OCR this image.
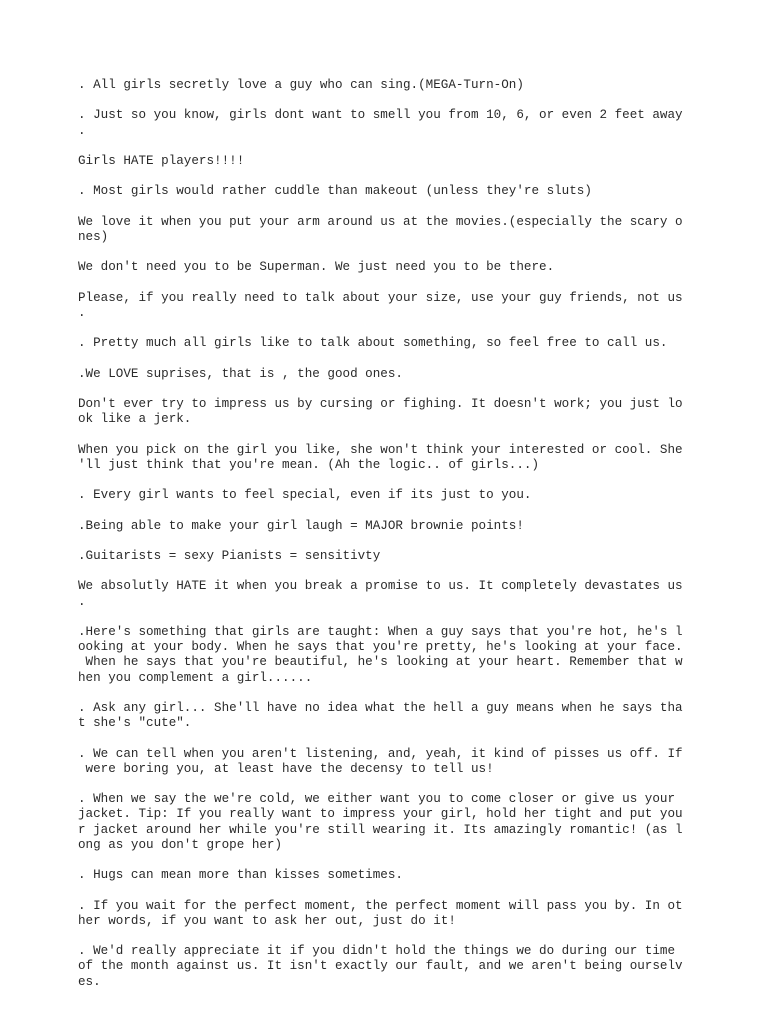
. All girls secretly love a guy who can sing.(MEGA-Turn-On)

. Just so you know, girls dont want to smell you from 10, 6, or even 2 feet away
.

Girls HATE players!!!!

. Most girls would rather cuddle than makeout (unless they're sluts)

We love it when you put your arm around us at the movies.(especially the scary o
nes)

We don't need you to be Superman. We just need you to be there.

Please, if you really need to talk about your size, use your guy friends, not us
.

. Pretty much all girls like to talk about something, so feel free to call us.

.We LOVE suprises, that is , the good ones.

Don't ever try to impress us by cursing or fighing. It doesn't work; you just lo
ok like a jerk.

When you pick on the girl you like, she won't think your interested or cool. She
'll just think that you're mean. (Ah the logic.. of girls...)

. Every girl wants to feel special, even if its just to you.

.Being able to make your girl laugh = MAJOR brownie points!

.Guitarists = sexy Pianists = sensitivty

We absolutly HATE it when you break a promise to us. It completely devastates us
.

.Here's something that girls are taught: When a guy says that you're hot, he's l
ooking at your body. When he says that you're pretty, he's looking at your face.
When he says that you're beautiful, he's looking at your heart. Remember that w
hen you complement a girl......

. Ask any girl... She'll have no idea what the hell a guy means when he says tha
t she's "cute".

. We can tell when you aren't listening, and, yeah, it kind of pisses us off. If
were boring you, at least have the decensy to tell us!

. When we say the we're cold, we either want you to come closer or give us your
jacket. Tip: If you really want to impress your girl, hold her tight and put you
r jacket around her while you're still wearing it. Its amazingly romantic! (as l
ong as you don't grope her)

. Hugs can mean more than kisses sometimes.

. If you wait for the perfect moment, the perfect moment will pass you by. In ot
her words, if you want to ask her out, just do it!

. We'd really appreciate it if you didn't hold the things we do during our time
of the month against us. It isn't exactly our fault, and we aren't being ourselv
es.
